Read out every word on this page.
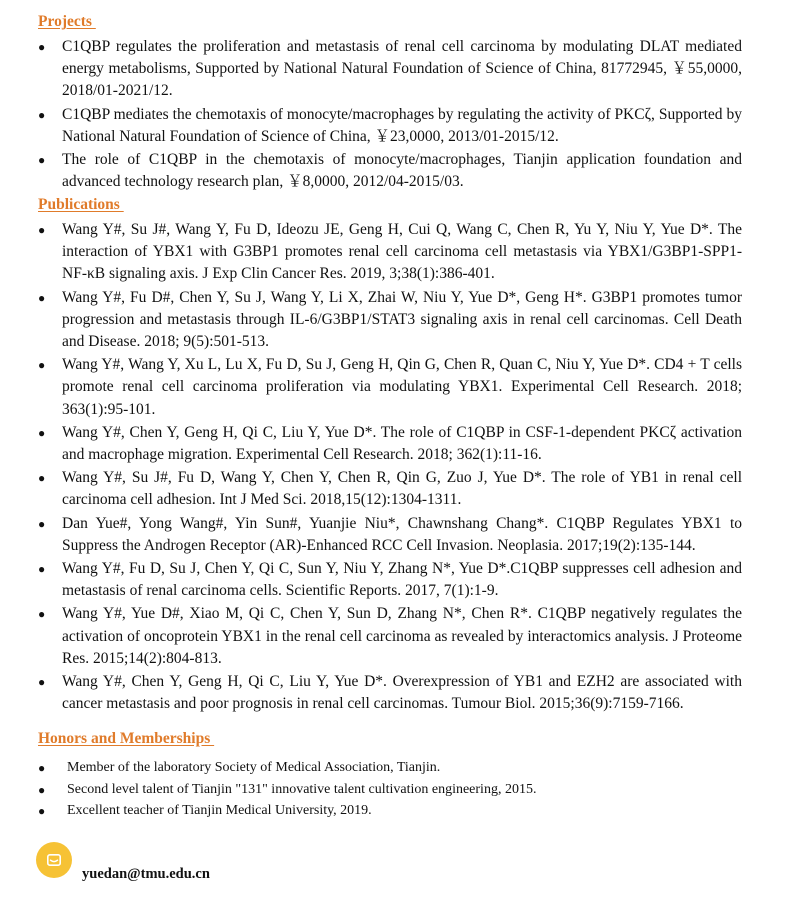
Projects
● C1QBP regulates the proliferation and metastasis of renal cell carcinoma by modulating DLAT mediated energy metabolisms, Supported by National Natural Foundation of Science of China, 81772945, ￥55,0000, 2018/01-2021/12.
● C1QBP mediates the chemotaxis of monocyte/macrophages by regulating the activity of PKCζ, Supported by National Natural Foundation of Science of China, ￥23,0000, 2013/01-2015/12.
● The role of C1QBP in the chemotaxis of monocyte/macrophages, Tianjin application foundation and advanced technology research plan, ￥8,0000, 2012/04-2015/03.
Publications
● Wang Y#, Su J#, Wang Y, Fu D, Ideozu JE, Geng H, Cui Q, Wang C, Chen R, Yu Y, Niu Y, Yue D*. The interaction of YBX1 with G3BP1 promotes renal cell carcinoma cell metastasis via YBX1/G3BP1-SPP1- NF-κB signaling axis. J Exp Clin Cancer Res. 2019, 3;38(1):386-401.
● Wang Y#, Fu D#, Chen Y, Su J, Wang Y, Li X, Zhai W, Niu Y, Yue D*, Geng H*. G3BP1 promotes tumor progression and metastasis through IL-6/G3BP1/STAT3 signaling axis in renal cell carcinomas. Cell Death and Disease. 2018; 9(5):501-513.
● Wang Y#, Wang Y, Xu L, Lu X, Fu D, Su J, Geng H, Qin G, Chen R, Quan C, Niu Y, Yue D*. CD4 + T cells promote renal cell carcinoma proliferation via modulating YBX1. Experimental Cell Research. 2018; 363(1):95-101.
● Wang Y#, Chen Y, Geng H, Qi C, Liu Y, Yue D*. The role of C1QBP in CSF-1-dependent PKCζ activation and macrophage migration. Experimental Cell Research. 2018; 362(1):11-16.
● Wang Y#, Su J#, Fu D, Wang Y, Chen Y, Chen R, Qin G, Zuo J, Yue D*. The role of YB1 in renal cell carcinoma cell adhesion. Int J Med Sci. 2018,15(12):1304-1311.
● Dan Yue#, Yong Wang#, Yin Sun#, Yuanjie Niu*, Chawnshang Chang*. C1QBP Regulates YBX1 to Suppress the Androgen Receptor (AR)-Enhanced RCC Cell Invasion. Neoplasia. 2017;19(2):135-144.
● Wang Y#, Fu D, Su J, Chen Y, Qi C, Sun Y, Niu Y, Zhang N*, Yue D*.C1QBP suppresses cell adhesion and metastasis of renal carcinoma cells. Scientific Reports. 2017, 7(1):1-9.
● Wang Y#, Yue D#, Xiao M, Qi C, Chen Y, Sun D, Zhang N*, Chen R*. C1QBP negatively regulates the activation of oncoprotein YBX1 in the renal cell carcinoma as revealed by interactomics analysis. J Proteome Res. 2015;14(2):804-813.
● Wang Y#, Chen Y, Geng H, Qi C, Liu Y, Yue D*. Overexpression of YB1 and EZH2 are associated with cancer metastasis and poor prognosis in renal cell carcinomas. Tumour Biol. 2015;36(9):7159-7166.
Honors and Memberships
● Member of the laboratory Society of Medical Association, Tianjin.
● Second level talent of Tianjin "131" innovative talent cultivation engineering, 2015.
● Excellent teacher of Tianjin Medical University, 2019.
yuedan@tmu.edu.cn
